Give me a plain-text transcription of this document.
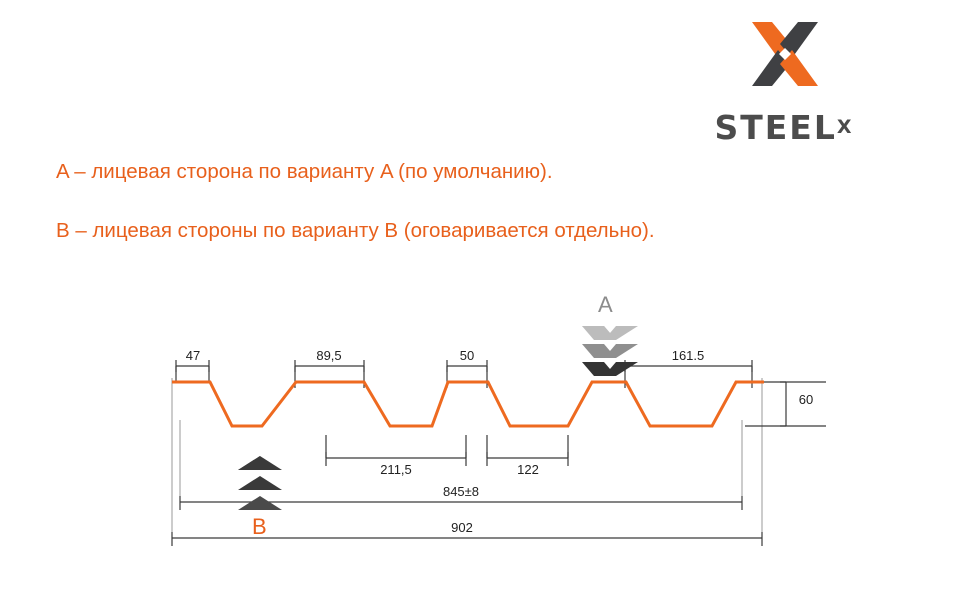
$STEEL^X$
A – лицевая сторона по варианту A (по умолчанию).
B – лицевая стороны по варианту B (оговаривается отдельно).
47	89,5	50	161.5
60
211,5	122
845±8
902
A
B
